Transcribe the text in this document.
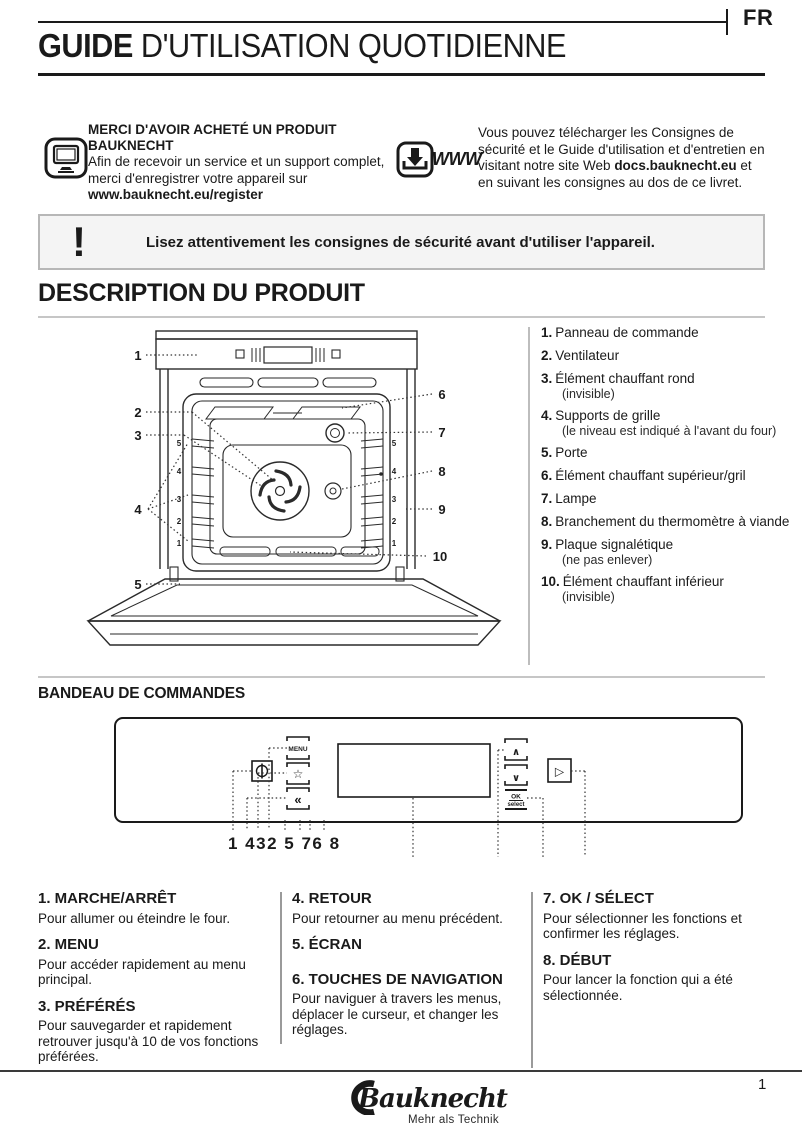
FR
GUIDE D'UTILISATION QUOTIDIENNE
MERCI D'AVOIR ACHETÉ UN PRODUIT
BAUKNECHT
Afin de recevoir un service et un support complet, merci d'enregistrer votre appareil sur www.bauknecht.eu/register
WWW
Vous pouvez télécharger les Consignes de sécurité et le Guide d'utilisation et d'entretien en visitant notre site Web docs.bauknecht.eu et en suivant les consignes au dos de ce livret.
!	Lisez attentivement les consignes de sécurité avant d'utiliser l'appareil.
DESCRIPTION DU PRODUIT
1
2
3
4
5
6
7
8
9
10
5
4
3
2
1
5
4
3
2
1
1. Panneau de commande
2. Ventilateur
3. Élément chauffant rond
(invisible)
4. Supports de grille
(le niveau est indiqué à l'avant du four)
5. Porte
6. Élément chauffant supérieur/gril
7. Lampe
8. Branchement du thermomètre à viande
9. Plaque signalétique
(ne pas enlever)
10. Élément chauffant inférieur
(invisible)
BANDEAU DE COMMANDES
MENU
☆
«
∧
∨
OK
select
▷
1 432 5 76 8
1. MARCHE/ARRÊT
Pour allumer ou éteindre le four.
2. MENU
Pour accéder rapidement au menu principal.
3. PRÉFÉRÉS
Pour sauvegarder et rapidement retrouver jusqu'à 10 de vos fonctions préférées.
4. RETOUR
Pour retourner au menu précédent.
5. ÉCRAN
6. TOUCHES DE NAVIGATION
Pour naviguer à travers les menus, déplacer le curseur, et changer les réglages.
7. OK / SÉLECT
Pour sélectionner les fonctions et confirmer les réglages.
8. DÉBUT
Pour lancer la fonction qui a été sélectionnée.
Bauknecht
Mehr als Technik
1
